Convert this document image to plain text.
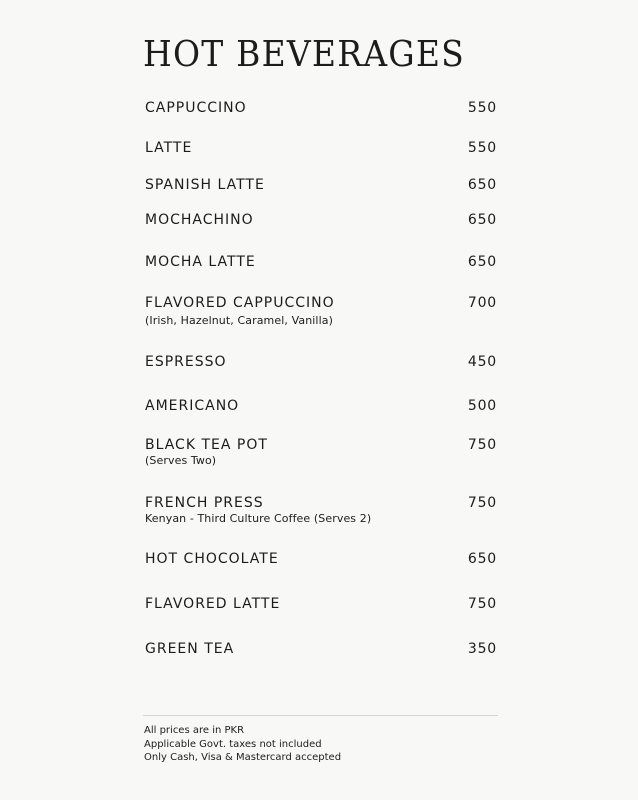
HOT BEVERAGES
CAPPUCCINO	550
LATTE	550
SPANISH LATTE	650
MOCHACHINO	650
MOCHA LATTE	650
FLAVORED CAPPUCCINO	700
(Irish, Hazelnut, Caramel, Vanilla)
ESPRESSO	450
AMERICANO	500
BLACK TEA POT	750
(Serves Two)
FRENCH PRESS	750
Kenyan - Third Culture Coffee (Serves 2)
HOT CHOCOLATE	650
FLAVORED LATTE	750
GREEN TEA	350
All prices are in PKR
Applicable Govt. taxes not included
Only Cash, Visa & Mastercard accepted
